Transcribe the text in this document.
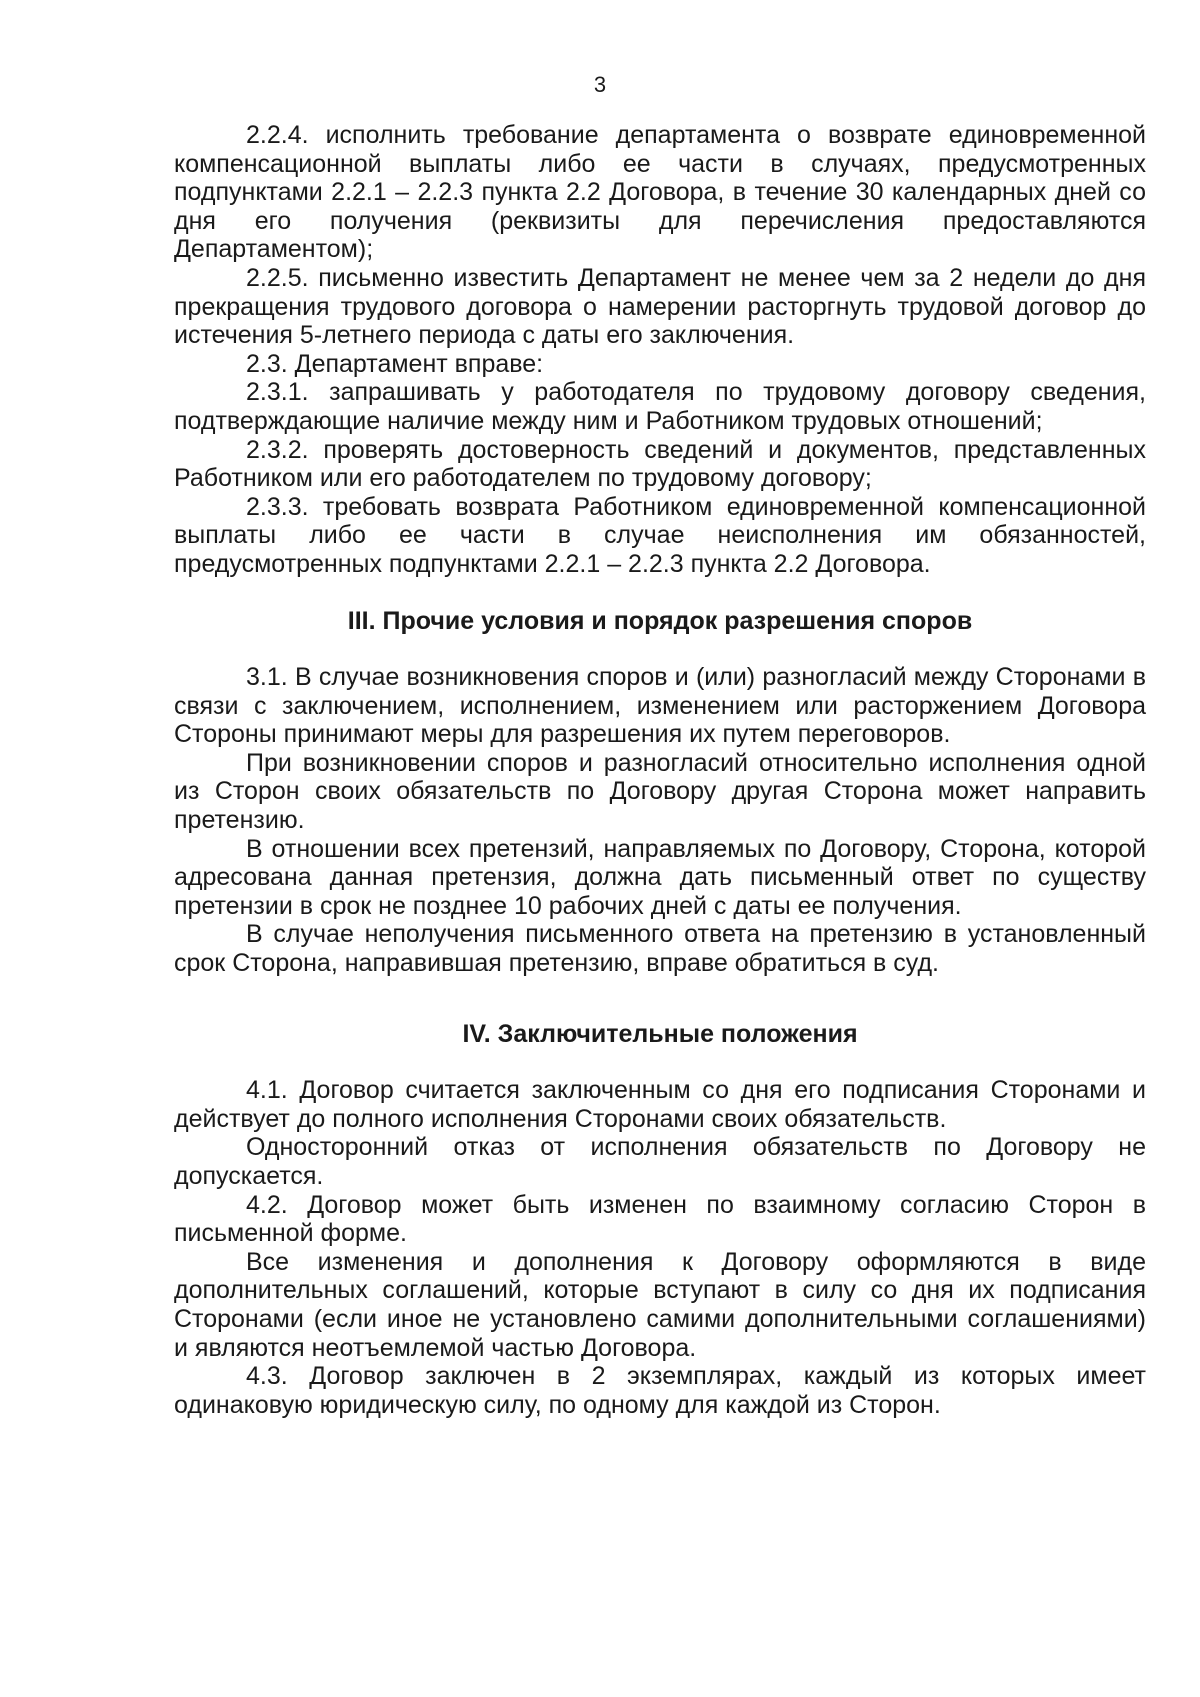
3

2.2.4. исполнить требование департамента о возврате единовременной компенсационной выплаты либо ее части в случаях, предусмотренных подпунктами 2.2.1 – 2.2.3 пункта 2.2 Договора, в течение 30 календарных дней со дня его получения (реквизиты для перечисления предоставляются Департаментом);

2.2.5. письменно известить Департамент не менее чем за 2 недели до дня прекращения трудового договора о намерении расторгнуть трудовой договор до истечения 5-летнего периода с даты его заключения.

2.3. Департамент вправе:

2.3.1. запрашивать у работодателя по трудовому договору сведения, подтверждающие наличие между ним и Работником трудовых отношений;

2.3.2. проверять достоверность сведений и документов, представленных Работником или его работодателем по трудовому договору;

2.3.3. требовать возврата Работником единовременной компенсационной выплаты либо ее части в случае неисполнения им обязанностей, предусмотренных подпунктами 2.2.1 – 2.2.3 пункта 2.2 Договора.

III. Прочие условия и порядок разрешения споров

3.1. В случае возникновения споров и (или) разногласий между Сторонами в связи с заключением, исполнением, изменением или расторжением Договора Стороны принимают меры для разрешения их путем переговоров.

При возникновении споров и разногласий относительно исполнения одной из Сторон своих обязательств по Договору другая Сторона может направить претензию.

В отношении всех претензий, направляемых по Договору, Сторона, которой адресована данная претензия, должна дать письменный ответ по существу претензии в срок не позднее 10 рабочих дней с даты ее получения.

В случае неполучения письменного ответа на претензию в установленный срок Сторона, направившая претензию, вправе обратиться в суд.

IV. Заключительные положения

4.1. Договор считается заключенным со дня его подписания Сторонами и действует до полного исполнения Сторонами своих обязательств.

Односторонний отказ от исполнения обязательств по Договору не допускается.

4.2. Договор может быть изменен по взаимному согласию Сторон в письменной форме.

Все изменения и дополнения к Договору оформляются в виде дополнительных соглашений, которые вступают в силу со дня их подписания Сторонами (если иное не установлено самими дополнительными соглашениями) и являются неотъемлемой частью Договора.

4.3. Договор заключен в 2 экземплярах, каждый из которых имеет одинаковую юридическую силу, по одному для каждой из Сторон.
